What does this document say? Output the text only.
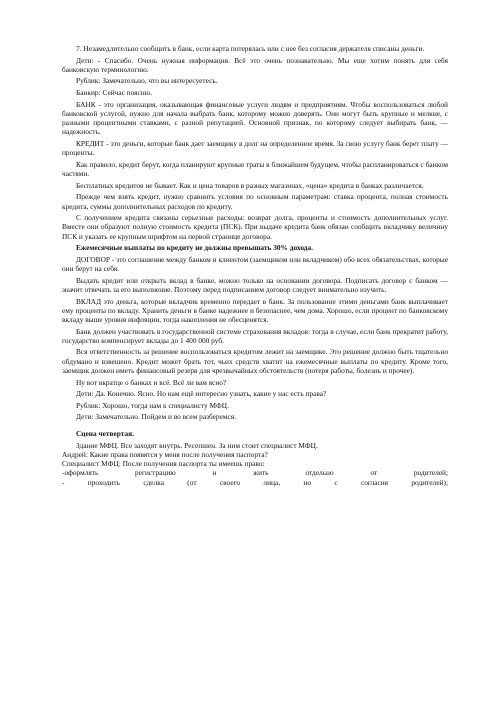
7. Незамедлительно сообщить в банк, если карта потерялась или с нее без согласия держателя списаны деньги.

Дети: - Спасибо. Очень нужная информация. Всё это очень познавательно. Мы еще хотим понять для себя банковскую терминологию.

Рублик: Замечательно, что вы интересуетесь.

Банкир: Сейчас поясню.

БАНК - это организация, оказывающая финансовые услуги людям и предприятиям. Чтобы воспользоваться любой банковской услугой, нужно для начала выбрать банк, которому можно доверять. Они могут быть крупные и мелкие, с разными процентными ставками, с разной репутацией. Основной признак, по которому следует выбирать банк, — надежность.

КРЕДИТ - это деньги, которые банк дает заемщику в долг на определенное время. За свою услугу банк берет плату — проценты.

Как правило, кредит берут, когда планируют крупные траты в ближайшем будущем, чтобы распланироваться с банком частями.

Бесплатных кредитов не бывает. Как и цена товаров в разных магазинах, «цена» кредита в банках различается.

Прежде чем взять кредит, нужно сравнить условия по основным параметрам: ставка процента, полная стоимость кредита, суммы дополнительных расходов по кредиту.

С получением кредита связаны серьезные расходы: возврат долга, проценты и стоимость дополнительных услуг. Вместе они образуют полную стоимость кредита (ПСК). При выдаче кредита банк обязан сообщить вкладчику величину ПСК и указать ее крупным шрифтом на первой странице договора.

Ежемесячные выплаты по кредиту не должны превышать 30% дохода.

ДОГОВОР - это соглашение между банком и клиентом (заемщиком или вкладчиком) обо всех обязательствах, которые они берут на себя.

Выдать кредит или открыть вклад в банке, можно только на основании договора. Подписать договор с банком — значит отвечать за его выполнение. Поэтому перед подписанием договор следует внимательно изучить.

ВКЛАД это деньга, которые вкладчик временно передает в банк. За пользование этими деньгами банк выплачивает ему проценты по вкладу. Хранить деньги в банке надежнее и безопаснее, чем дома. Хорошо, если процент по банковскому вкладу выше уровня инфляции, тогда накопления не обесценятся.

Банк должен участвовать в государственной системе страхования вкладов: тогда в случае, если банк прекратит работу, государство компенсирует вклады до 1 400 000 руб.

Вся ответственность за решение воспользоваться кредитом лежит на заемщике. Это решение должно быть тщательно обдумано и взвешено. Кредит может брать тот, чьих средств хватит на ежемесячные выплаты по кредиту. Кроме того, заемщик должен иметь финансовый резерв для чрезвычайных обстоятельств (потеря работы, болезнь и прочее).

Ну вот вкратце о банках и всё. Всё ли вам ясно?

Дети: Да. Конечно. Ясно. Но нам ещё интересно узнать, какие у нас есть права?

Рублик: Хорошо, тогда нам к специалисту МФЦ.

Дети: Замечательно. Пойдем и во всем разберемся.

Сцена четвертая.

Здание МФЦ. Все заходят внутрь. Ресепшен. За ним стоит специалист МФЦ.

Андрей: Какие права появятся у меня после получения паспорта?

Специалист МФЦ: После получения паспорта ты имеешь право:

-оформлять регистрацию и жить отдельно от родителей;

- проходить сделка (от своего лица, но с согласия родителей);
